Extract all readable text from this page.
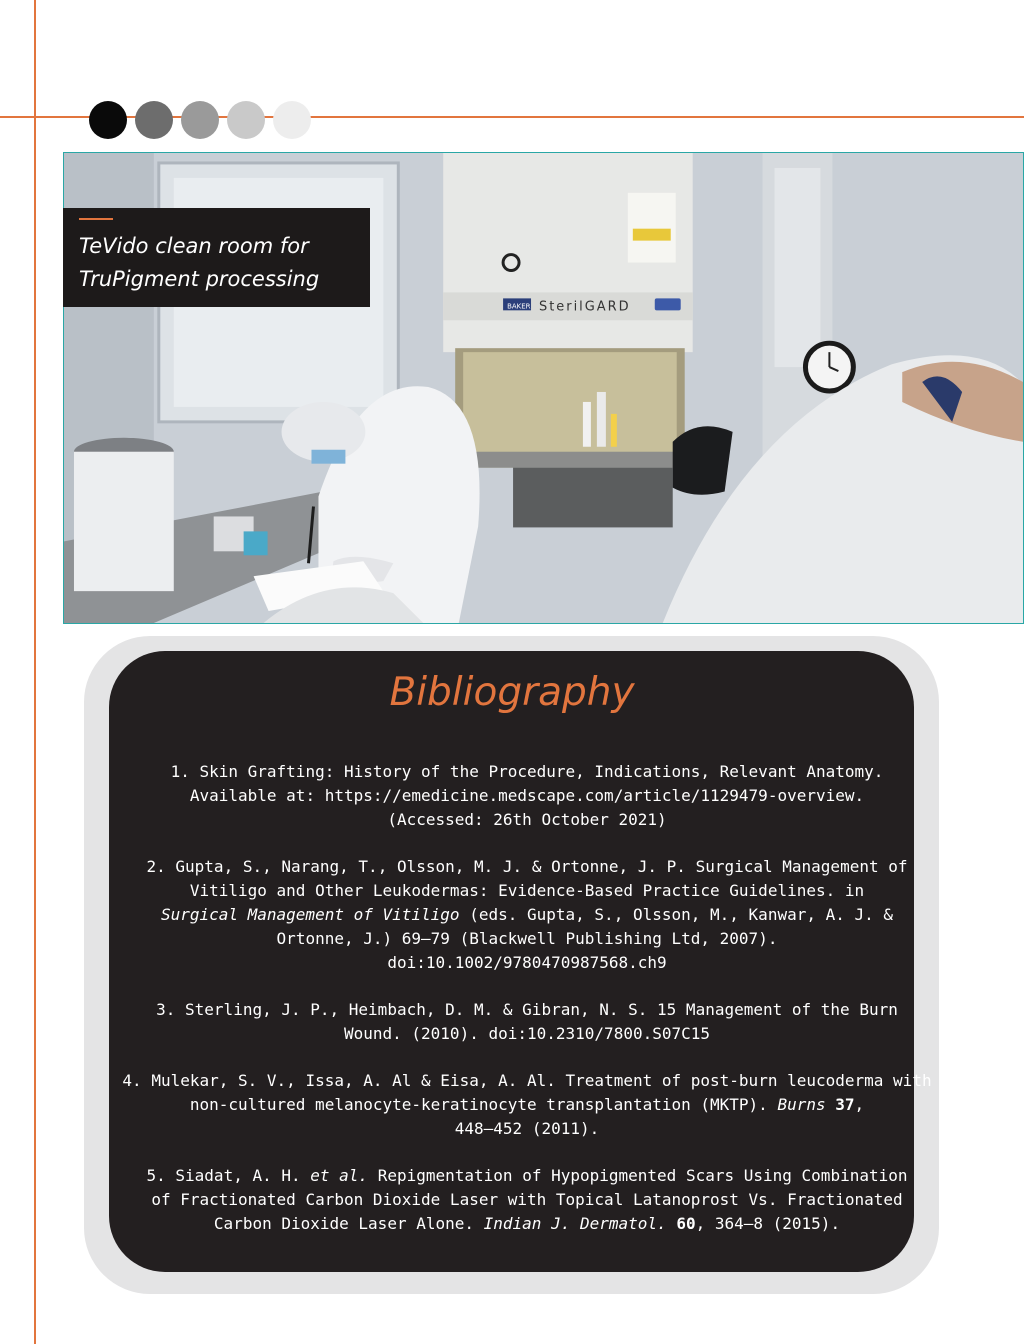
BAKER SterilGARD
TeVido clean room for
TruPigment processing
Bibliography
1. Skin Grafting: History of the Procedure, Indications, Relevant Anatomy.
Available at: https://emedicine.medscape.com/article/1129479-overview.
(Accessed: 26th October 2021)
2. Gupta, S., Narang, T., Olsson, M. J. & Ortonne, J. P. Surgical Management of
Vitiligo and Other Leukodermas: Evidence-Based Practice Guidelines. in
Surgical Management of Vitiligo (eds. Gupta, S., Olsson, M., Kanwar, A. J. &
Ortonne, J.) 69–79 (Blackwell Publishing Ltd, 2007).
doi:10.1002/9780470987568.ch9
3. Sterling, J. P., Heimbach, D. M. & Gibran, N. S. 15 Management of the Burn
Wound. (2010). doi:10.2310/7800.S07C15
4. Mulekar, S. V., Issa, A. Al & Eisa, A. Al. Treatment of post-burn leucoderma with
non-cultured melanocyte-keratinocyte transplantation (MKTP). Burns 37,
448–452 (2011).
5. Siadat, A. H. et al. Repigmentation of Hypopigmented Scars Using Combination
of Fractionated Carbon Dioxide Laser with Topical Latanoprost Vs. Fractionated
Carbon Dioxide Laser Alone. Indian J. Dermatol. 60, 364–8 (2015).
